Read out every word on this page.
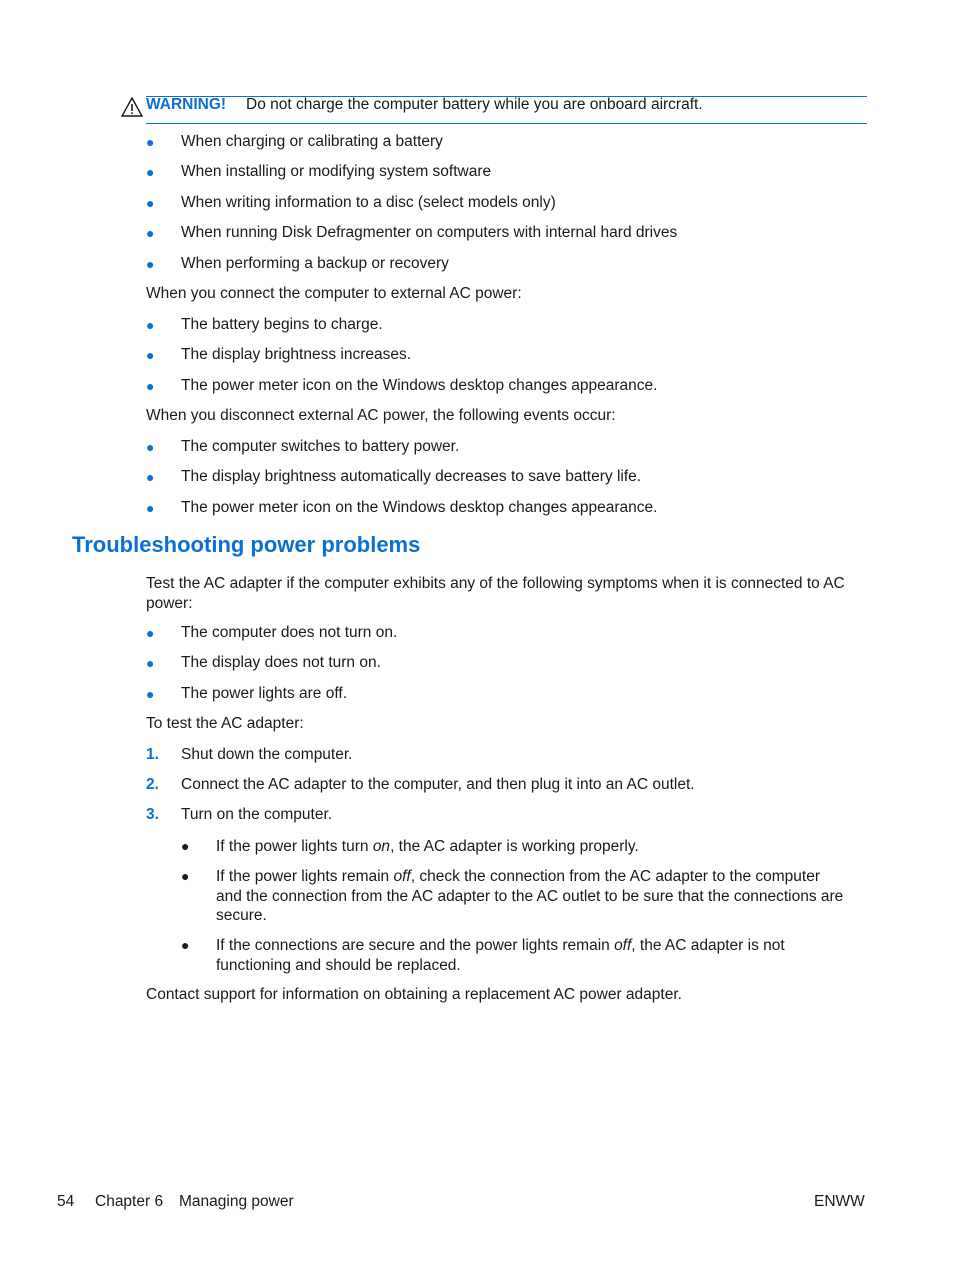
WARNING! Do not charge the computer battery while you are onboard aircraft.
● When charging or calibrating a battery
● When installing or modifying system software
● When writing information to a disc (select models only)
● When running Disk Defragmenter on computers with internal hard drives
● When performing a backup or recovery
When you connect the computer to external AC power:
● The battery begins to charge.
● The display brightness increases.
● The power meter icon on the Windows desktop changes appearance.
When you disconnect external AC power, the following events occur:
● The computer switches to battery power.
● The display brightness automatically decreases to save battery life.
● The power meter icon on the Windows desktop changes appearance.
Troubleshooting power problems
Test the AC adapter if the computer exhibits any of the following symptoms when it is connected to AC power:
● The computer does not turn on.
● The display does not turn on.
● The power lights are off.
To test the AC adapter:
1. Shut down the computer.
2. Connect the AC adapter to the computer, and then plug it into an AC outlet.
3. Turn on the computer.
● If the power lights turn on, the AC adapter is working properly.
● If the power lights remain off, check the connection from the AC adapter to the computer and the connection from the AC adapter to the AC outlet to be sure that the connections are secure.
● If the connections are secure and the power lights remain off, the AC adapter is not functioning and should be replaced.
Contact support for information on obtaining a replacement AC power adapter.
54 Chapter 6 Managing power	ENWW
